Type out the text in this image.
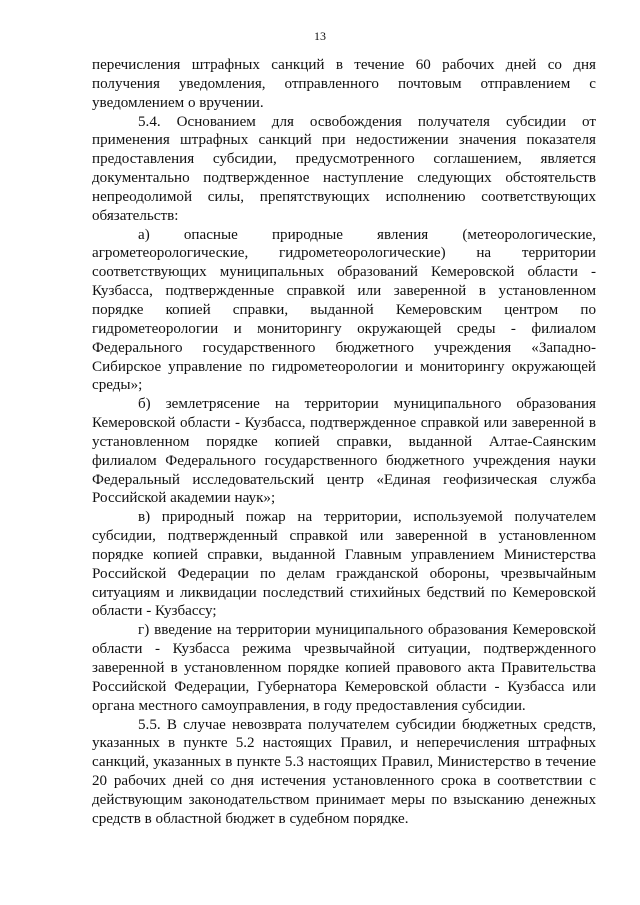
13

перечисления штрафных санкций в течение 60 рабочих дней со дня получения уведомления, отправленного почтовым отправлением с уведомлением о вручении.

5.4. Основанием для освобождения получателя субсидии от применения штрафных санкций при недостижении значения показателя предоставления субсидии, предусмотренного соглашением, является документально подтвержденное наступление следующих обстоятельств непреодолимой силы, препятствующих исполнению соответствующих обязательств:

а) опасные природные явления (метеорологические, агрометеорологические, гидрометеорологические) на территории соответствующих муниципальных образований Кемеровской области - Кузбасса, подтвержденные справкой или заверенной в установленном порядке копией справки, выданной Кемеровским центром по гидрометеорологии и мониторингу окружающей среды - филиалом Федерального государственного бюджетного учреждения «Западно-Сибирское управление по гидрометеорологии и мониторингу окружающей среды»;

б) землетрясение на территории муниципального образования Кемеровской области - Кузбасса, подтвержденное справкой или заверенной в установленном порядке копией справки, выданной Алтае-Саянским филиалом Федерального государственного бюджетного учреждения науки Федеральный исследовательский центр «Единая геофизическая служба Российской академии наук»;

в) природный пожар на территории, используемой получателем субсидии, подтвержденный справкой или заверенной в установленном порядке копией справки, выданной Главным управлением Министерства Российской Федерации по делам гражданской обороны, чрезвычайным ситуациям и ликвидации последствий стихийных бедствий по Кемеровской области - Кузбассу;

г) введение на территории муниципального образования Кемеровской области - Кузбасса режима чрезвычайной ситуации, подтвержденного заверенной в установленном порядке копией правового акта Правительства Российской Федерации, Губернатора Кемеровской области - Кузбасса или органа местного самоуправления, в году предоставления субсидии.

5.5. В случае невозврата получателем субсидии бюджетных средств, указанных в пункте 5.2 настоящих Правил, и неперечисления штрафных санкций, указанных в пункте 5.3 настоящих Правил, Министерство в течение 20 рабочих дней со дня истечения установленного срока в соответствии с действующим законодательством принимает меры по взысканию денежных средств в областной бюджет в судебном порядке.
